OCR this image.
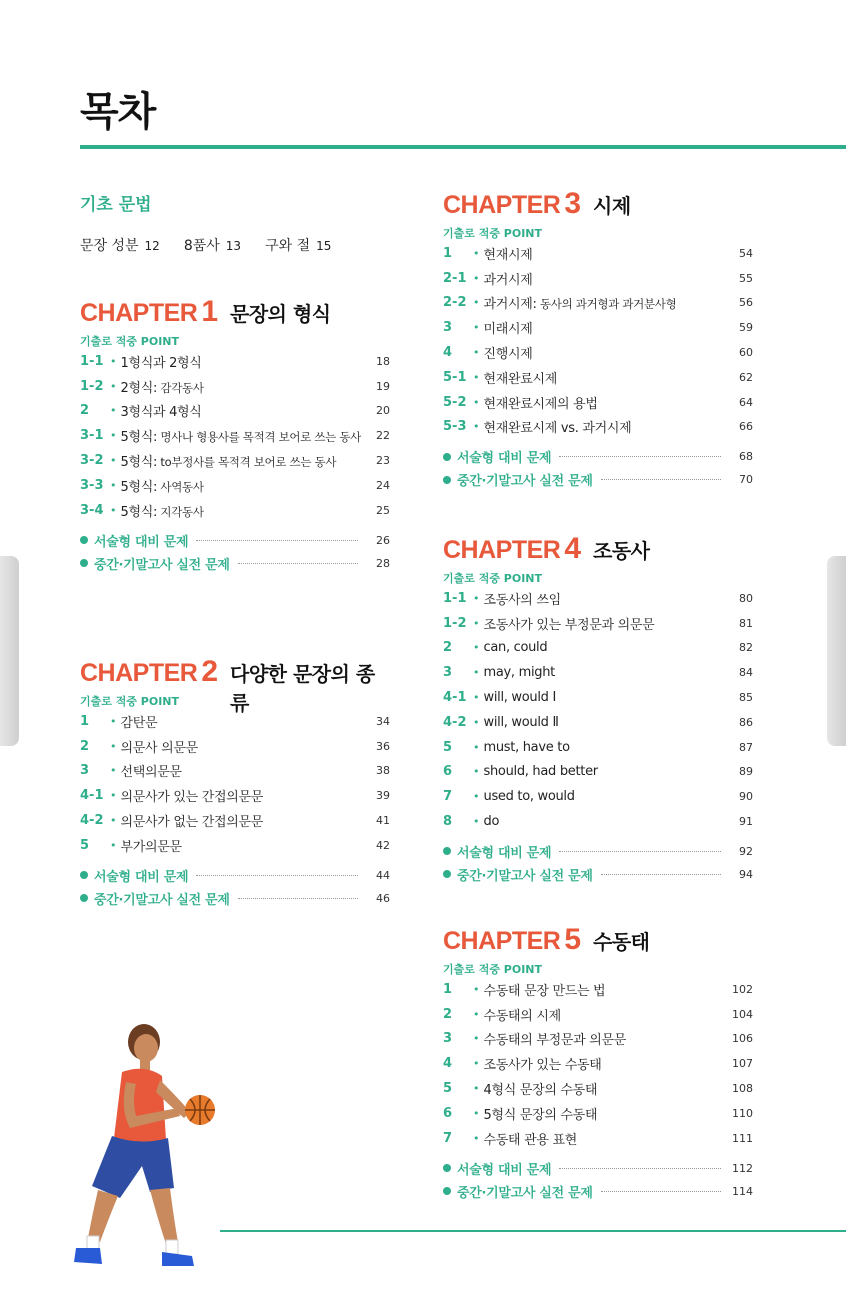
목차
기초 문법
문장 성분 12 8품사 13 구와 절 15
CHAPTER 1 문장의 형식
기출로 적중 POINT
1-1 • 1형식과 2형식	18
1-2 • 2형식: 감각동사	19
2	• 3형식과 4형식	20
3-1 • 5형식: 명사나 형용사를 목적격 보어로 쓰는 동사	22
3-2 • 5형식: to부정사를 목적격 보어로 쓰는 동사	23
3-3 • 5형식: 사역동사	24
3-4 • 5형식: 지각동사	25
서술형 대비 문제	26
중간·기말고사 실전 문제	28
CHAPTER 2 다양한 문장의 종류
기출로 적중 POINT
1	• 감탄문	34
2	• 의문사 의문문	36
3	• 선택의문문	38
4-1 • 의문사가 있는 간접의문문	39
4-2 • 의문사가 없는 간접의문문	41
5	• 부가의문문	42
서술형 대비 문제	44
중간·기말고사 실전 문제	46
CHAPTER 3 시제
기출로 적중 POINT
1	• 현재시제	54
2-1 • 과거시제	55
2-2 • 과거시제: 동사의 과거형과 과거분사형	56
3	• 미래시제	59
4	• 진행시제	60
5-1 • 현재완료시제	62
5-2 • 현재완료시제의 용법	64
5-3 • 현재완료시제 vs. 과거시제	66
서술형 대비 문제	68
중간·기말고사 실전 문제	70
CHAPTER 4 조동사
기출로 적중 POINT
1-1 • 조동사의 쓰임	80
1-2 • 조동사가 있는 부정문과 의문문	81
2	• can, could	82
3	• may, might	84
4-1 • will, would Ⅰ	85
4-2 • will, would Ⅱ	86
5	• must, have to	87
6	• should, had better	89
7	• used to, would	90
8	• do	91
서술형 대비 문제	92
중간·기말고사 실전 문제	94
CHAPTER 5 수동태
기출로 적중 POINT
1	• 수동태 문장 만드는 법	102
2	• 수동태의 시제	104
3	• 수동태의 부정문과 의문문	106
4	• 조동사가 있는 수동태	107
5	• 4형식 문장의 수동태	108
6	• 5형식 문장의 수동태	110
7	• 수동태 관용 표현	111
서술형 대비 문제	112
중간·기말고사 실전 문제	114
